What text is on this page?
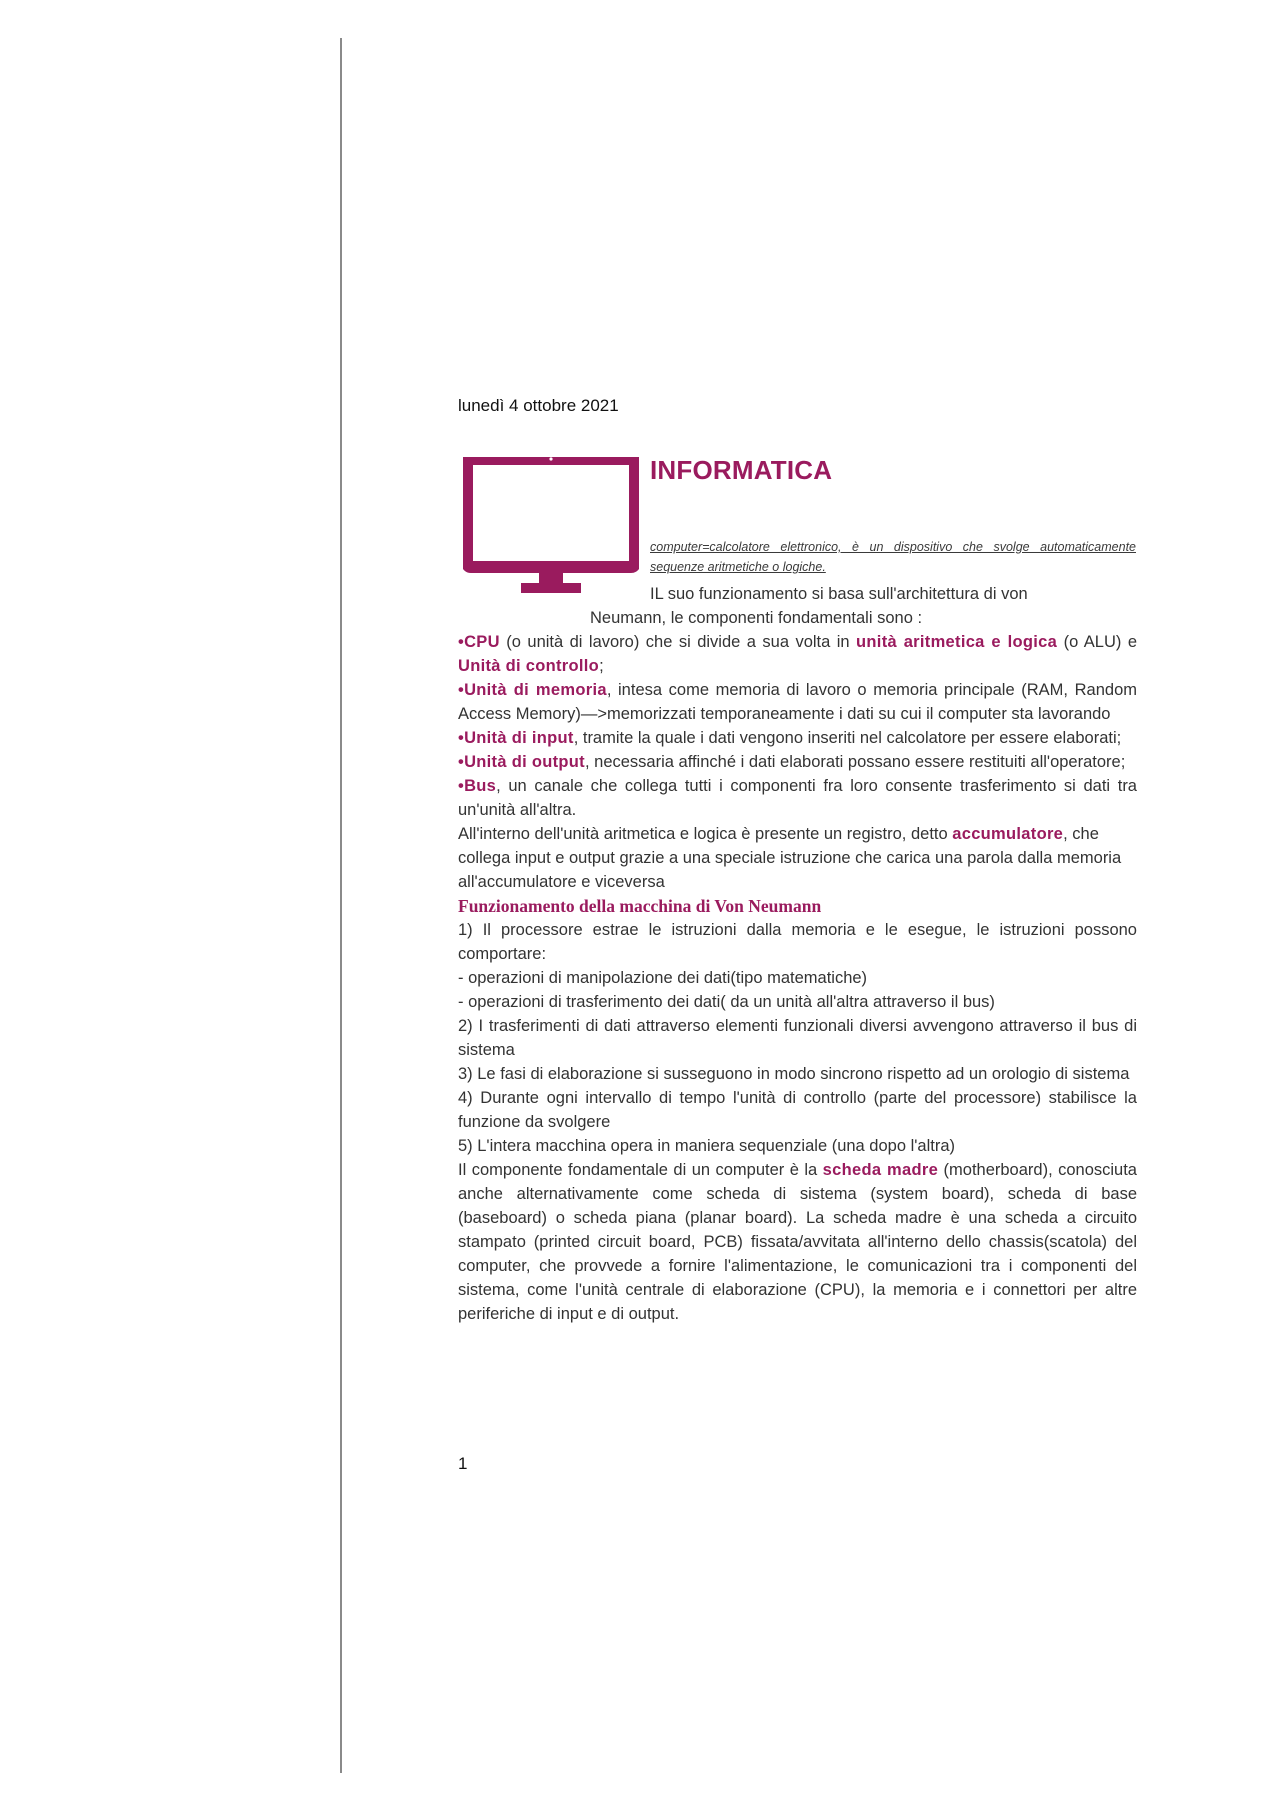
lunedì 4 ottobre 2021
INFORMATICA
computer=calcolatore elettronico, è un dispositivo che svolge automaticamente
sequenze aritmetiche o logiche.
IL suo funzionamento si basa sull'architettura di von
Neumann, le componenti fondamentali sono :

•CPU (o unità di lavoro) che si divide a sua volta in unità aritmetica e logica (o ALU) e Unità di controllo;

•Unità di memoria, intesa come memoria di lavoro o memoria principale (RAM, Random Access Memory)—>memorizzati temporaneamente i dati su cui il computer sta lavorando

•Unità di input, tramite la quale i dati vengono inseriti nel calcolatore per essere elaborati;

•Unità di output, necessaria affinché i dati elaborati possano essere restituiti all'operatore;

•Bus, un canale che collega tutti i componenti fra loro consente trasferimento si dati tra un'unità all'altra.

All'interno dell'unità aritmetica e logica è presente un registro, detto accumulatore, che collega input e output grazie a una speciale istruzione che carica una parola dalla memoria all'accumulatore e viceversa

Funzionamento della macchina di Von Neumann

1) Il processore estrae le istruzioni dalla memoria e le esegue, le istruzioni possono comportare:

- operazioni di manipolazione dei dati(tipo matematiche)

- operazioni di trasferimento dei dati( da un unità all'altra attraverso il bus)

2) I trasferimenti di dati attraverso elementi funzionali diversi avvengono attraverso il bus di sistema

3) Le fasi di elaborazione si susseguono in modo sincrono rispetto ad un orologio di sistema

4) Durante ogni intervallo di tempo l'unità di controllo (parte del processore) stabilisce la funzione da svolgere

5) L'intera macchina opera in maniera sequenziale (una dopo l'altra)

Il componente fondamentale di un computer è la scheda madre (motherboard), conosciuta anche alternativamente come scheda di sistema (system board), scheda di base (baseboard) o scheda piana (planar board). La scheda madre è una scheda a circuito stampato (printed circuit board, PCB) fissata/avvitata all'interno dello chassis(scatola) del computer, che provvede a fornire l'alimentazione, le comunicazioni tra i componenti del sistema, come l'unità centrale di elaborazione (CPU), la memoria e i connettori per altre periferiche di input e di output.

1
